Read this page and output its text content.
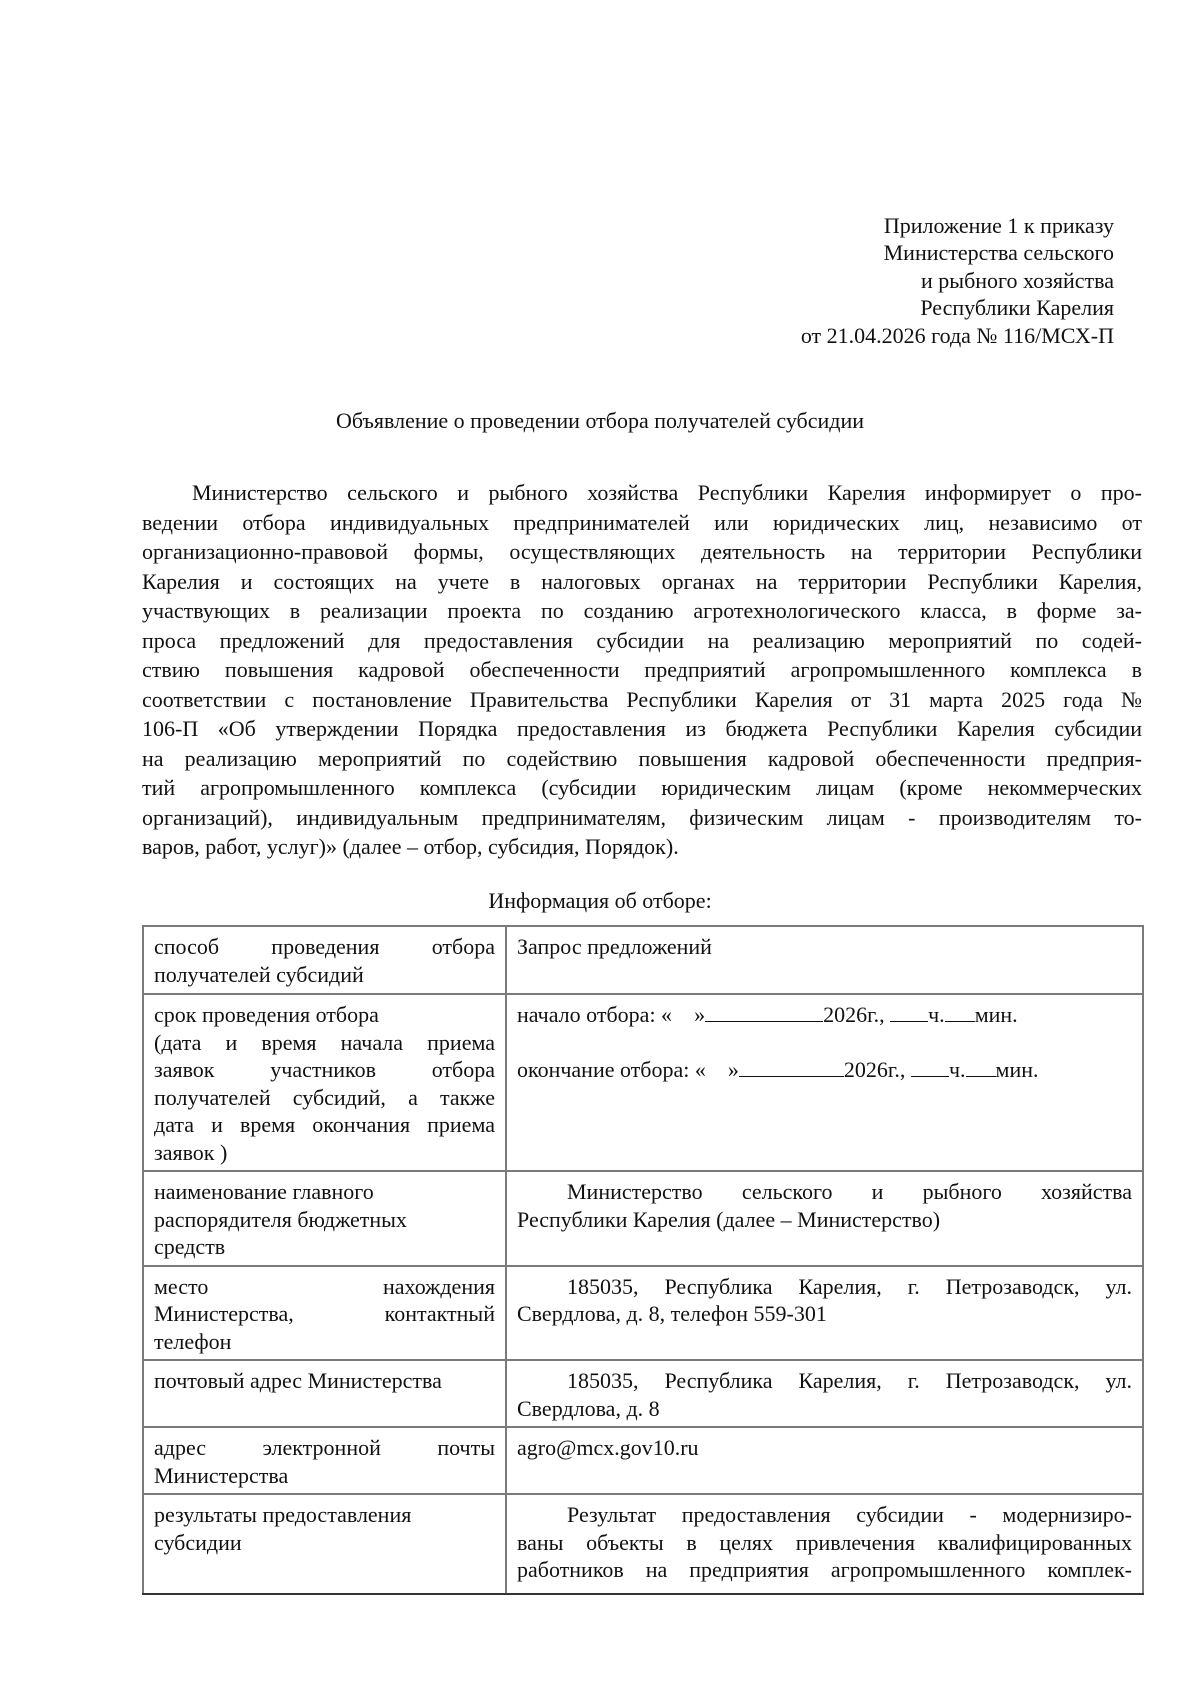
Приложение 1 к приказу
Министерства сельского
и рыбного хозяйства
Республики Карелия
от 21.04.2026 года № 116/МСХ-П
Объявление о проведении отбора получателей субсидии
Министерство сельского и рыбного хозяйства Республики Карелия информирует о про-
ведении отбора индивидуальных предпринимателей или юридических лиц, независимо от
организационно-правовой формы, осуществляющих деятельность на территории Республики
Карелия и состоящих на учете в налоговых органах на территории Республики Карелия,
участвующих в реализации проекта по созданию агротехнологического класса, в форме за-
проса предложений для предоставления субсидии на реализацию мероприятий по содей-
ствию повышения кадровой обеспеченности предприятий агропромышленного комплекса в
соответствии с постановление Правительства Республики Карелия от 31 марта 2025 года №
106-П «Об утверждении Порядка предоставления из бюджета Республики Карелия субсидии
на реализацию мероприятий по содействию повышения кадровой обеспеченности предприя-
тий агропромышленного комплекса (субсидии юридическим лицам (кроме некоммерческих
организаций), индивидуальным предпринимателям, физическим лицам - производителям то-
варов, работ, услуг)» (далее – отбор, субсидия, Порядок).
Информация об отборе:
способ проведения отбора
получателей субсидий	Запрос предложений

срок проведения отбора
(дата и время начала приема
заявок участников отбора
получателей субсидий, а также
дата и время окончания приема
заявок )

начало отбора: « »	2026г., ч. мин.
окончание отбора: « »	2026г., ч. мин.

наименование главного
распорядителя бюджетных
средств

Министерство сельского и рыбного хозяйства
Республики Карелия (далее – Министерство)

место нахождения
Министерства, контактный
телефон	185035, Республика Карелия, г. Петрозаводск, ул.
Свердлова, д. 8, телефон 559-301

почтовый адрес Министерства	185035, Республика Карелия, г. Петрозаводск, ул.
Свердлова, д. 8

адрес электронной почты
Министерства	agro@mcx.gov10.ru

результаты предоставления
субсидии

Результат предоставления субсидии - модернизиро-
ваны объекты в целях привлечения квалифицированных
работников на предприятия агропромышленного комплек-
